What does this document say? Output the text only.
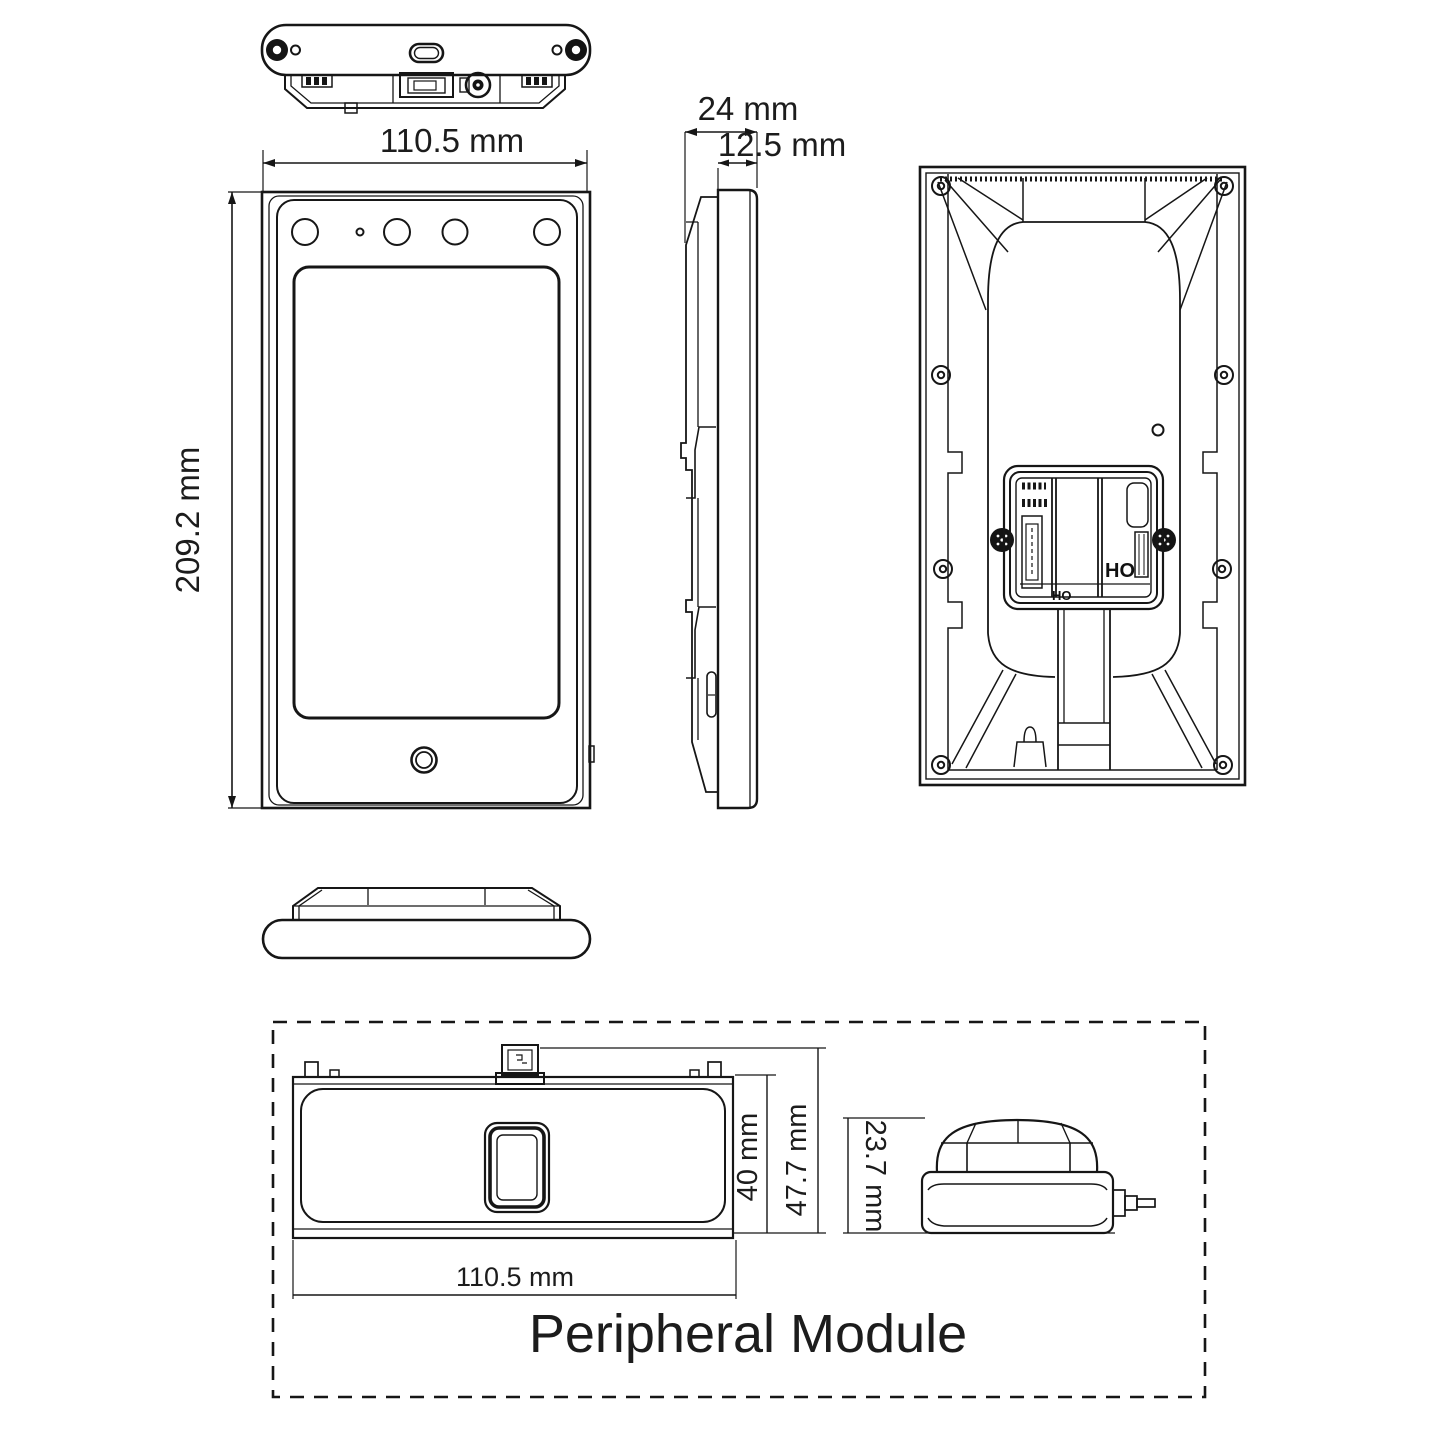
110.5 mm
209.2 mm
24 mm
12.5 mm
HO
HO
40 mm 47.7 mm
110.5 mm
23.7 mm
Peripheral Module
